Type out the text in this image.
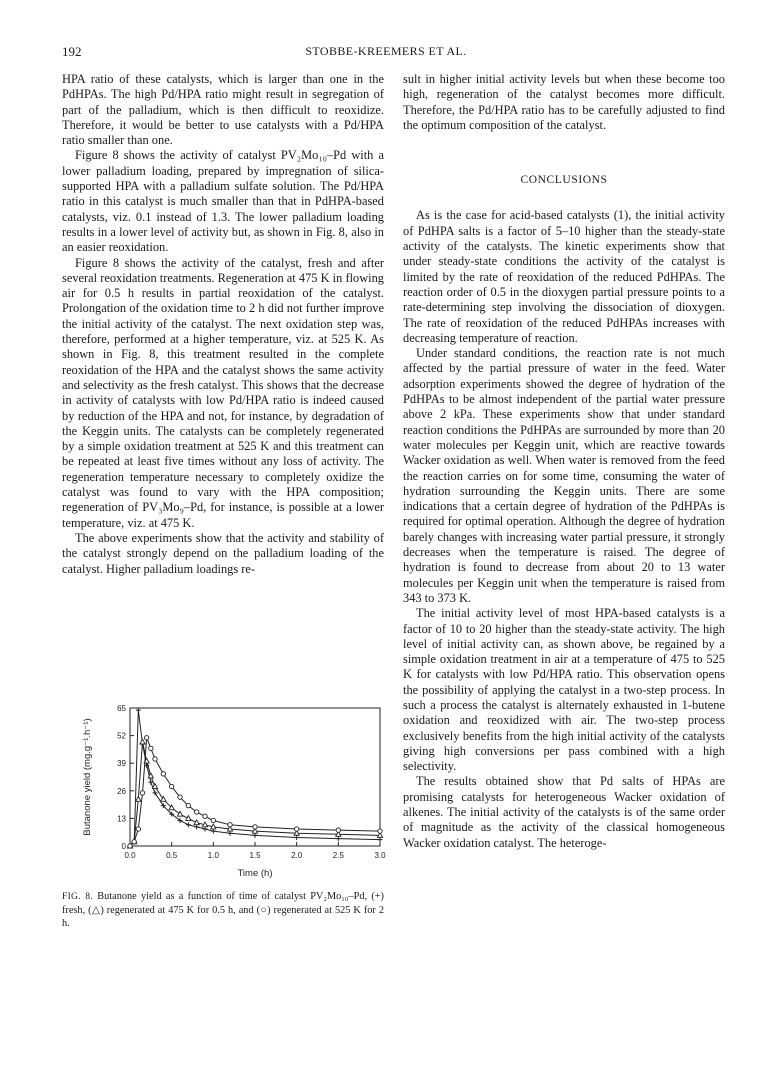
192	STOBBE-KREEMERS ET AL.

HPA ratio of these catalysts, which is larger than one in the PdHPAs. The high Pd/HPA ratio might result in segregation of part of the palladium, which is then difficult to reoxidize. Therefore, it would be better to use catalysts with a Pd/HPA ratio smaller than one.

Figure 8 shows the activity of catalyst PV₂Mo₁₀–Pd with a lower palladium loading, prepared by impregnation of silica-supported HPA with a palladium sulfate solution. The Pd/HPA ratio in this catalyst is much smaller than that in PdHPA-based catalysts, viz. 0.1 instead of 1.3. The lower palladium loading results in a lower level of activity but, as shown in Fig. 8, also in an easier reoxidation.

Figure 8 shows the activity of the catalyst, fresh and after several reoxidation treatments. Regeneration at 475 K in flowing air for 0.5 h results in partial reoxidation of the catalyst. Prolongation of the oxidation time to 2 h did not further improve the initial activity of the catalyst. The next oxidation step was, therefore, performed at a higher temperature, viz. at 525 K. As shown in Fig. 8, this treatment resulted in the complete reoxidation of the HPA and the catalyst shows the same activity and selectivity as the fresh catalyst. This shows that the decrease in activity of catalysts with low Pd/HPA ratio is indeed caused by reduction of the HPA and not, for instance, by degradation of the Keggin units. The catalysts can be completely regenerated by a simple oxidation treatment at 525 K and this treatment can be repeated at least five times without any loss of activity. The regeneration temperature necessary to completely oxidize the catalyst was found to vary with the HPA composition; regeneration of PV₃Mo₉–Pd, for instance, is possible at a lower temperature, viz. at 475 K.

The above experiments show that the activity and stability of the catalyst strongly depend on the palladium loading of the catalyst. Higher palladium loadings re-

sult in higher initial activity levels but when these become too high, regeneration of the catalyst becomes more difficult. Therefore, the Pd/HPA ratio has to be carefully adjusted to find the optimum composition of the catalyst.

CONCLUSIONS

As is the case for acid-based catalysts (1), the initial activity of PdHPA salts is a factor of 5–10 higher than the steady-state activity of the catalysts. The kinetic experiments show that under steady-state conditions the activity of the catalyst is limited by the rate of reoxidation of the reduced PdHPAs. The reaction order of 0.5 in the dioxygen partial pressure points to a rate-determining step involving the dissociation of dioxygen. The rate of reoxidation of the reduced PdHPAs increases with decreasing temperature of reaction.

Under standard conditions, the reaction rate is not much affected by the partial pressure of water in the feed. Water adsorption experiments showed the degree of hydration of the PdHPAs to be almost independent of the partial water pressure above 2 kPa. These experiments show that under standard reaction conditions the PdHPAs are surrounded by more than 20 water molecules per Keggin unit, which are reactive towards Wacker oxidation as well. When water is removed from the feed the reaction carries on for some time, consuming the water of hydration surrounding the Keggin units. There are some indications that a certain degree of hydration of the PdHPAs is required for optimal operation. Although the degree of hydration barely changes with increasing water partial pressure, it strongly decreases when the temperature is raised. The degree of hydration is found to decrease from about 20 to 13 water molecules per Keggin unit when the temperature is raised from 343 to 373 K.

The initial activity level of most HPA-based catalysts is a factor of 10 to 20 higher than the steady-state activity. The high level of initial activity can, as shown above, be regained by a simple oxidation treatment in air at a temperature of 475 to 525 K for catalysts with low Pd/HPA ratio. This observation opens the possibility of applying the catalyst in a two-step process. In such a process the catalyst is alternately exhausted in 1-butene oxidation and reoxidized with air. The two-step process exclusively benefits from the high initial activity of the catalysts giving high conversions per pass combined with a high selectivity.

The results obtained show that Pd salts of HPAs are promising catalysts for heterogeneous Wacker oxidation of alkenes. The initial activity of the catalysts is of the same order of magnitude as the activity of the classical homogeneous Wacker oxidation catalyst. The heteroge-

0
13
26
39
52
65
0.0	0.5	1.0	1.5	2.0	2.5	3.0
Time (h)
Butanone yield (mg.g⁻¹.h⁻¹)
FIG. 8. Butanone yield as a function of time of catalyst PV₂Mo₁₀–Pd, (+) fresh, (△) regenerated at 475 K for 0.5 h, and (○) regenerated at 525 K for 2 h.
